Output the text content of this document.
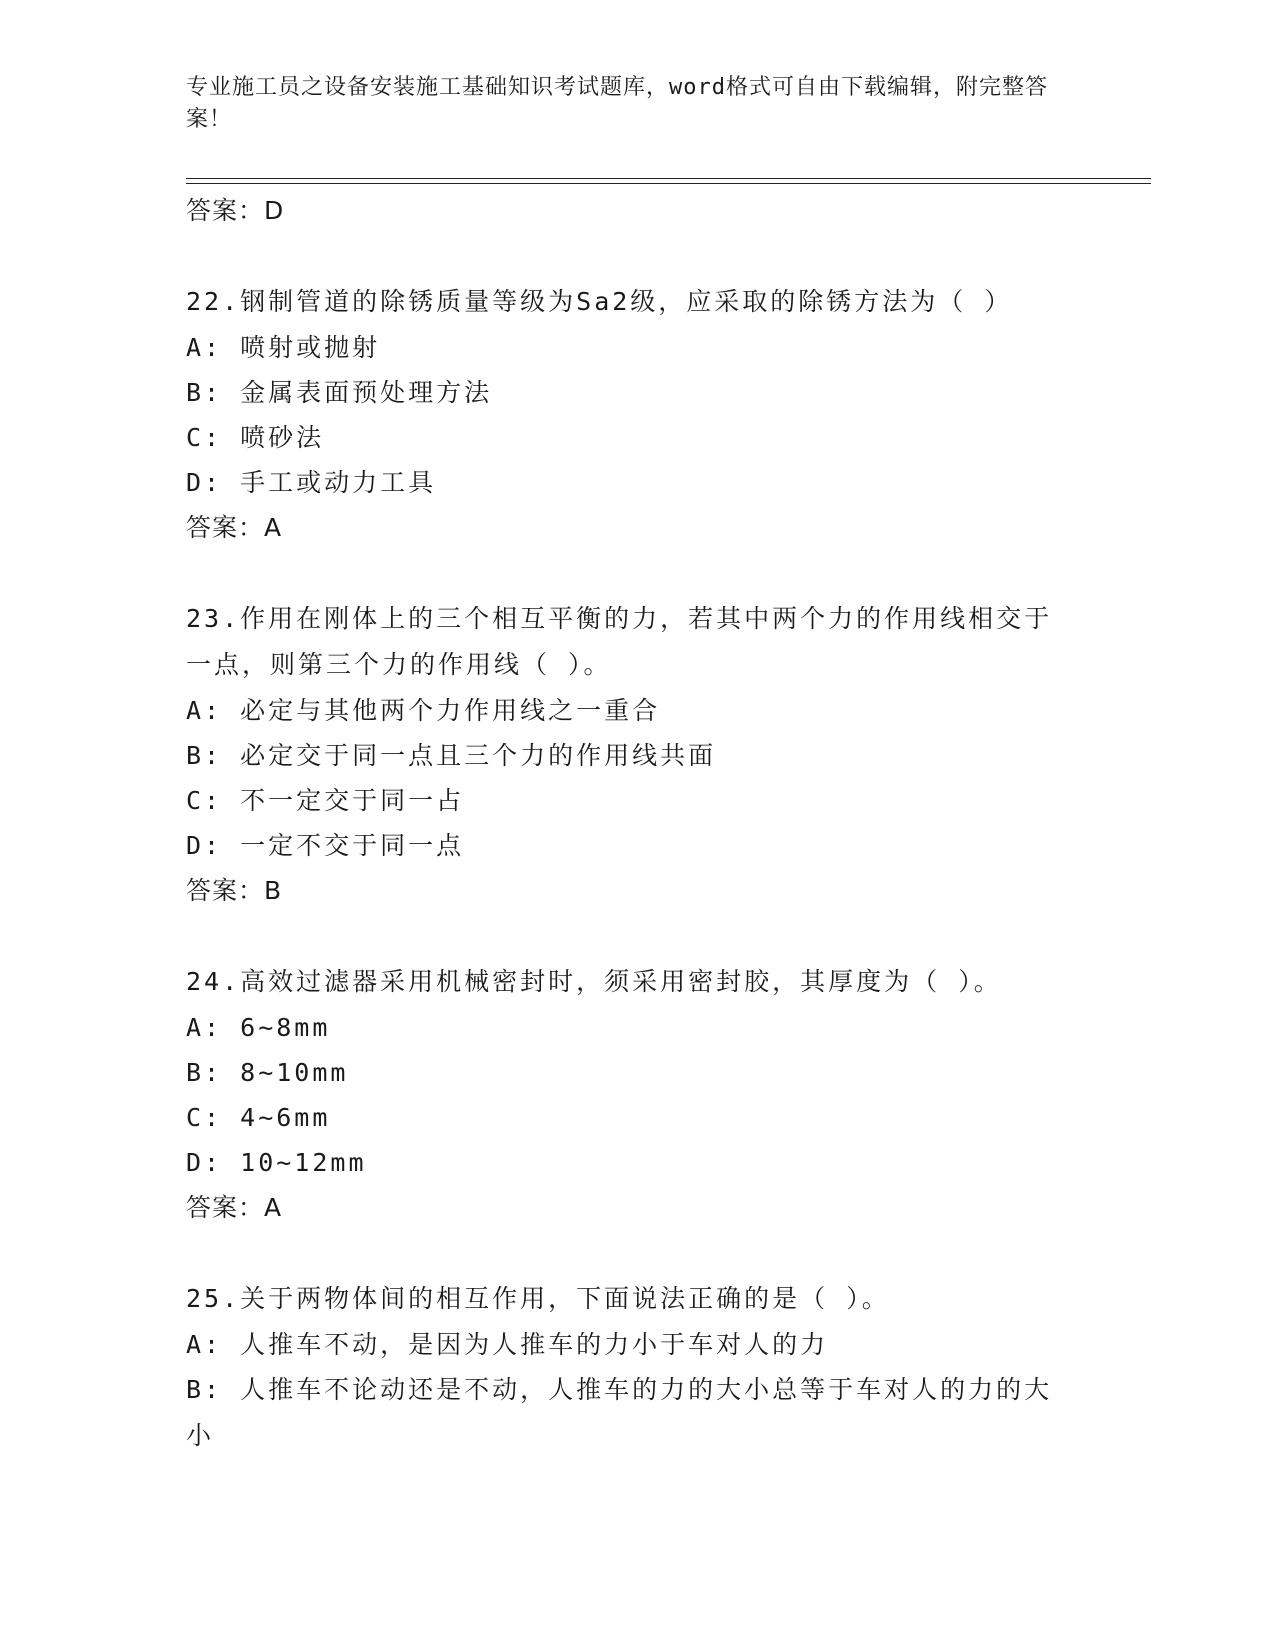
专业施工员之设备安装施工基础知识考试题库，word格式可自由下载编辑，附完整答案！
答案：D
22.钢制管道的除锈质量等级为Sa2级，应采取的除锈方法为（ ）
A: 喷射或抛射
B: 金属表面预处理方法
C: 喷砂法
D: 手工或动力工具
答案：A
23.作用在刚体上的三个相互平衡的力，若其中两个力的作用线相交于一点，则第三个力的作用线（ ）。
A: 必定与其他两个力作用线之一重合
B: 必定交于同一点且三个力的作用线共面
C: 不一定交于同一占
D: 一定不交于同一点
答案：B
24.高效过滤器采用机械密封时，须采用密封胶，其厚度为（ ）。
A: 6~8mm
B: 8~10mm
C: 4~6mm
D: 10~12mm
答案：A
25.关于两物体间的相互作用，下面说法正确的是（ ）。
A: 人推车不动，是因为人推车的力小于车对人的力
B: 人推车不论动还是不动，人推车的力的大小总等于车对人的力的大小
